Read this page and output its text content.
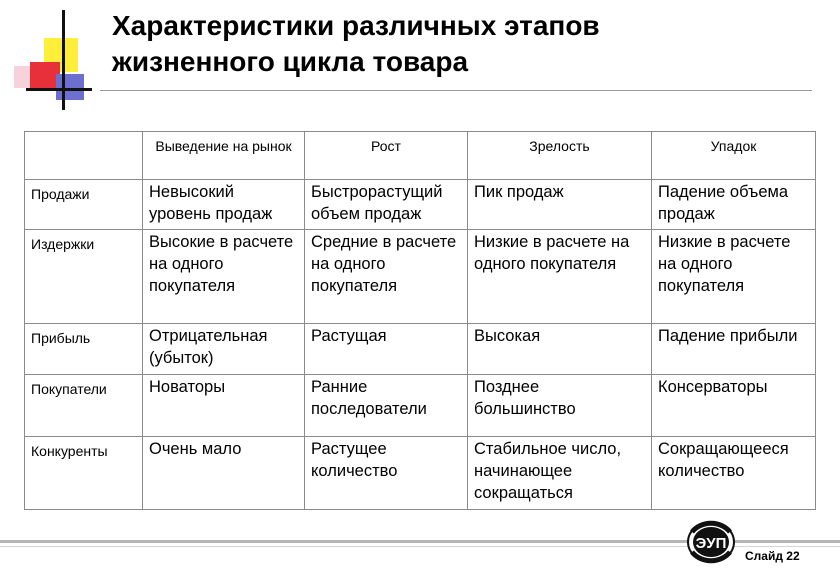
Характеристики различных этапов
жизненного цикла товара
	Выведение на рынок	Рост	Зрелость	Упадок
Продажи	Невысокий уровень продаж	Быстрорастущий объем продаж	Пик продаж	Падение объема продаж
Издержки	Высокие в расчете на одного покупателя	Средние в расчете на одного покупателя	Низкие в расчете на одного покупателя	Низкие в расчете на одного покупателя
Прибыль	Отрицательная (убыток)	Растущая	Высокая	Падение прибыли
Покупатели	Новаторы	Ранние последователи	Позднее большинство	Консерваторы
Конкуренты	Очень мало	Растущее количество	Стабильное число, начинающее сокращаться	Сокращающееся количество
ЭУП
Слайд 22
